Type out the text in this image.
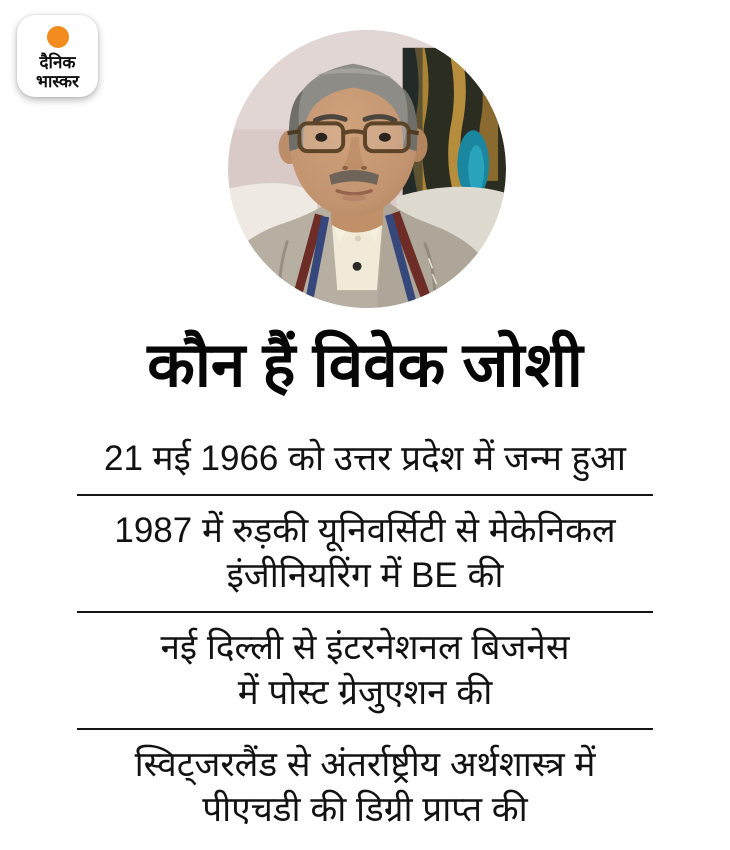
दैनिक
भास्कर
कौन हैं विवेक जोशी
21 मई 1966 को उत्तर प्रदेश में जन्म हुआ
1987 में रुड़की यूनिवर्सिटी से मेकेनिकल
इंजीनियरिंग में BE की
नई दिल्ली से इंटरनेशनल बिजनेस
में पोस्ट ग्रेजुएशन की
स्विट्जरलैंड से अंतर्राष्ट्रीय अर्थशास्त्र में
पीएचडी की डिग्री प्राप्त की
